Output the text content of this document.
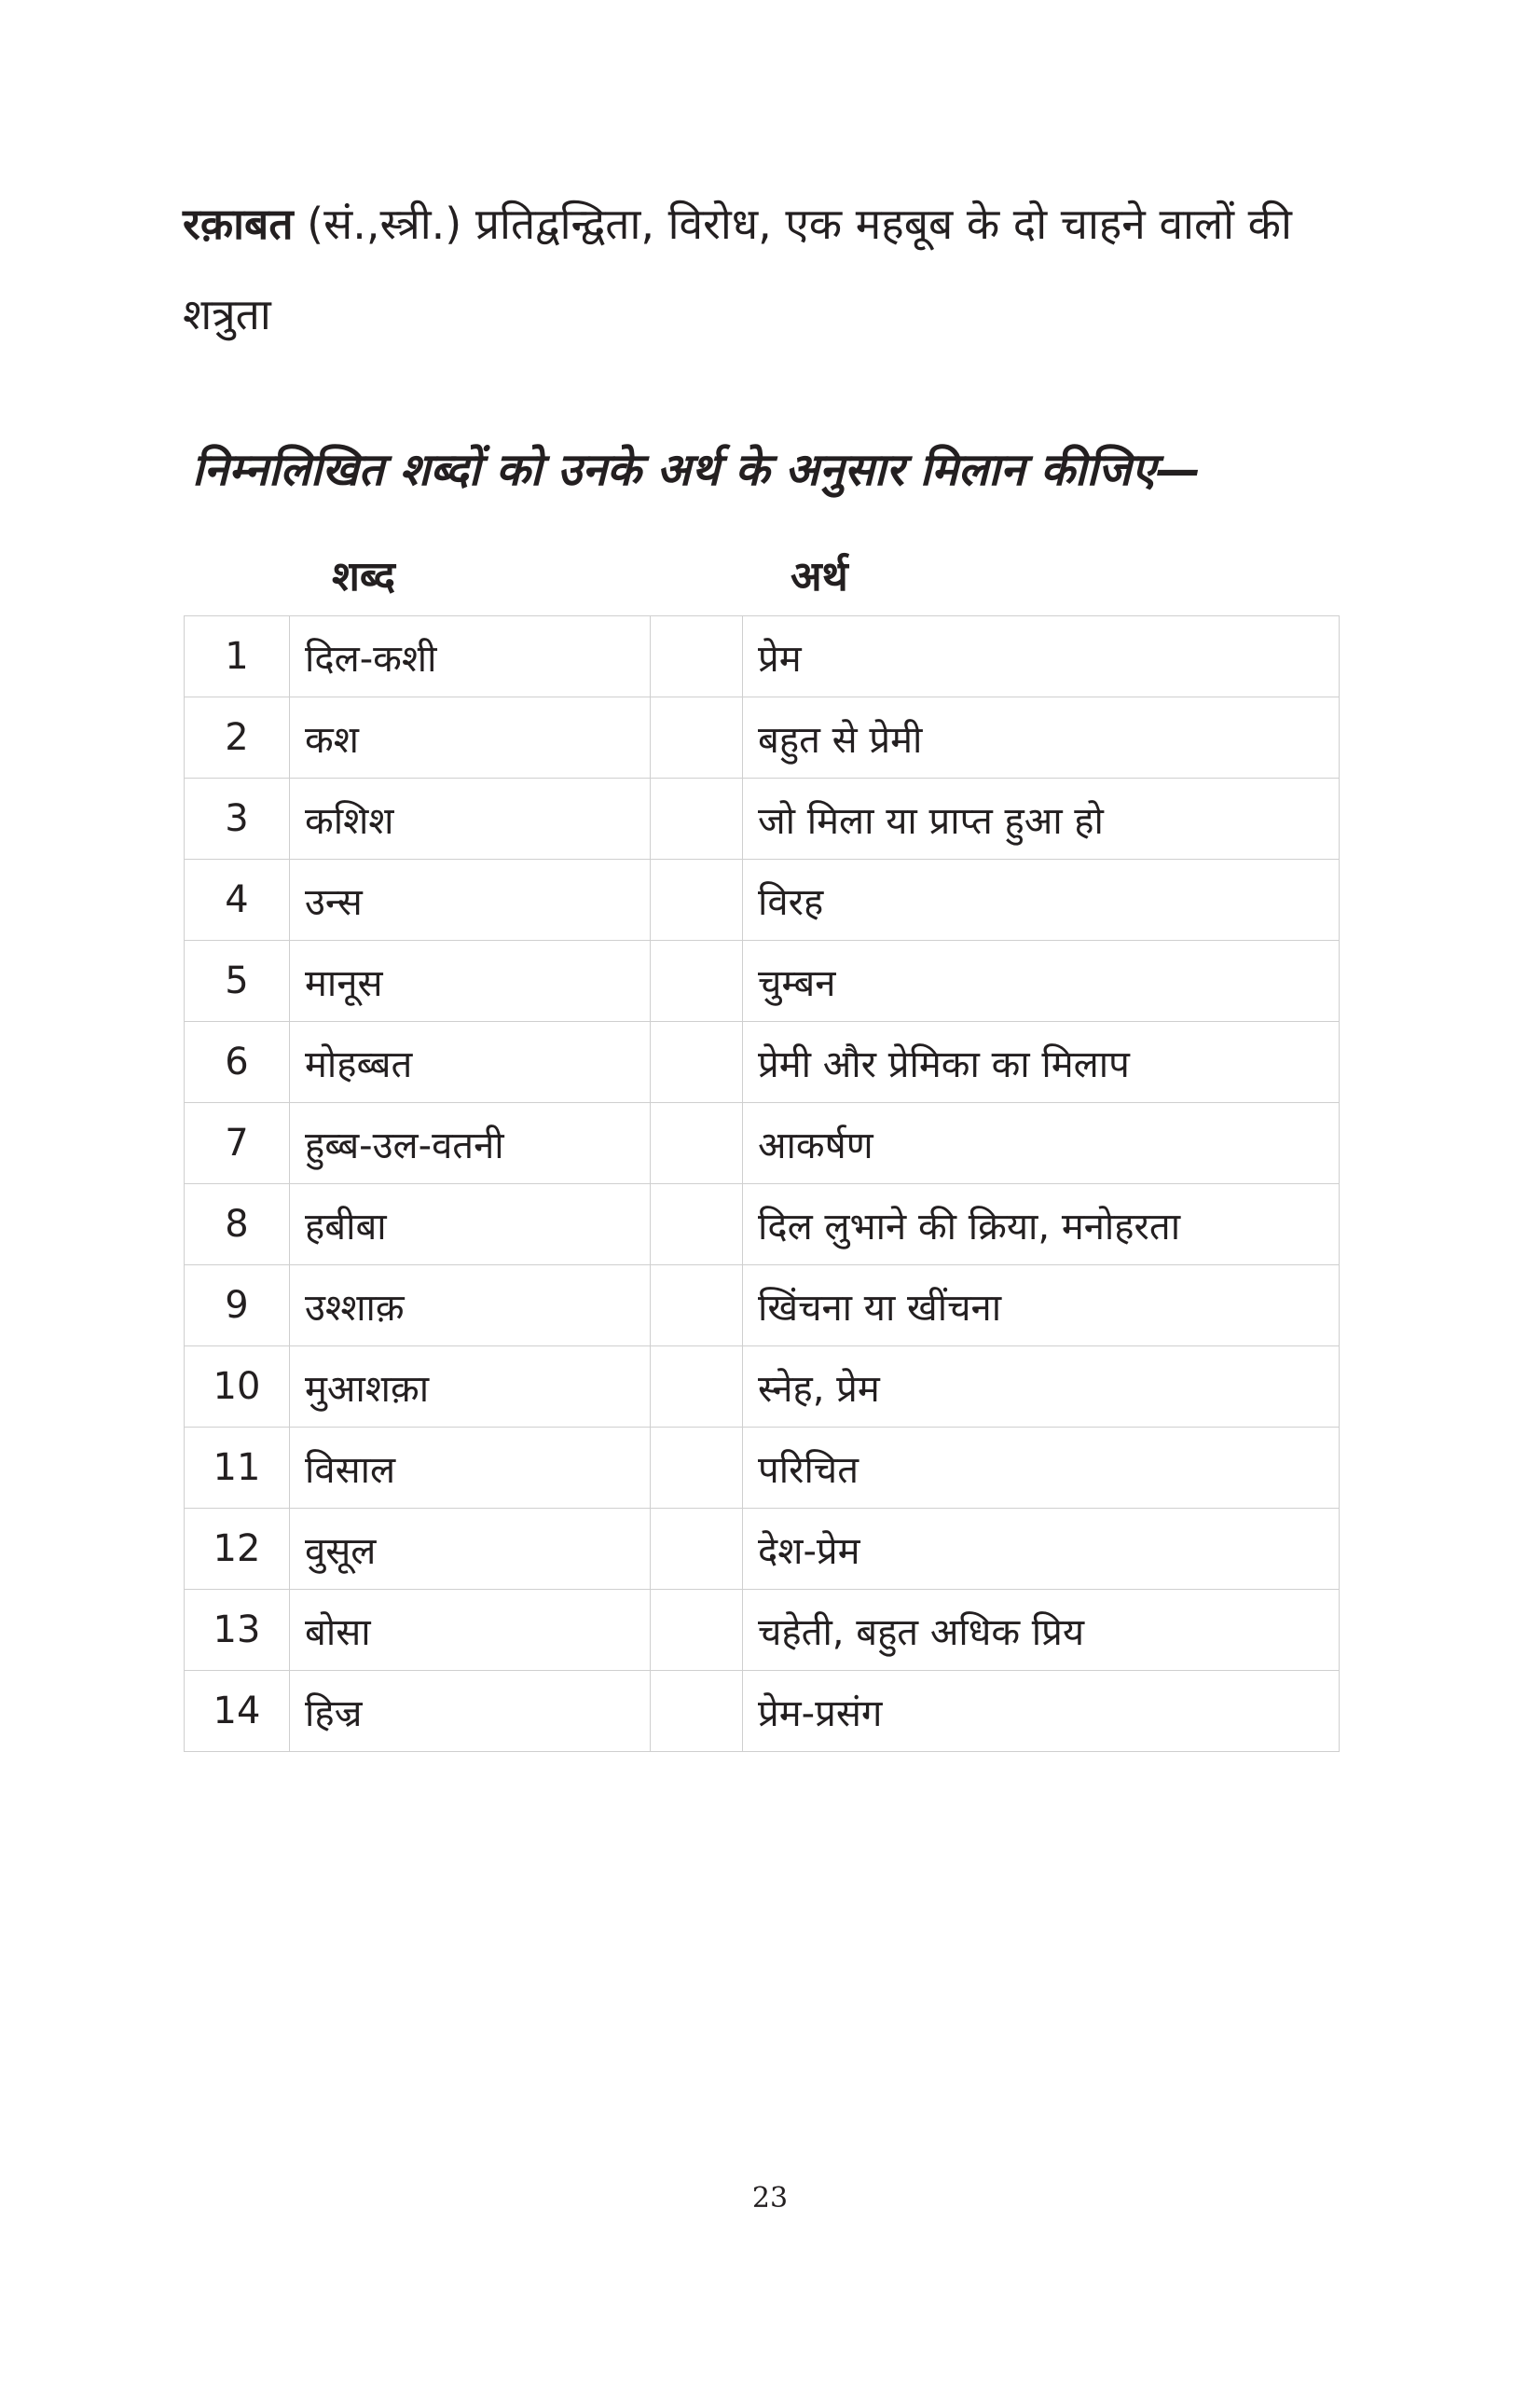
रक़ाबत (सं.,स्त्री.) प्रतिद्वन्द्विता, विरोध, एक महबूब के दो चाहने वालों की शत्रुता
निम्नलिखित शब्दों को उनके अर्थ के अनुसार मिलान कीजिए—
शब्द	अर्थ
1	दिल-कशी		प्रेम
2	कश		बहुत से प्रेमी
3	कशिश		जो मिला या प्राप्त हुआ हो
4	उन्स		विरह
5	मानूस		चुम्बन
6	मोहब्बत		प्रेमी और प्रेमिका का मिलाप
7	हुब्ब-उल-वतनी		आकर्षण
8	हबीबा		दिल लुभाने की क्रिया, मनोहरता
9	उश्शाक़		खिंचना या खींचना
10	मुआशक़ा		स्नेह, प्रेम
11	विसाल		परिचित
12	वुसूल		देश-प्रेम
13	बोसा		चहेती, बहुत अधिक प्रिय
14	हिज्र		प्रेम-प्रसंग
23
